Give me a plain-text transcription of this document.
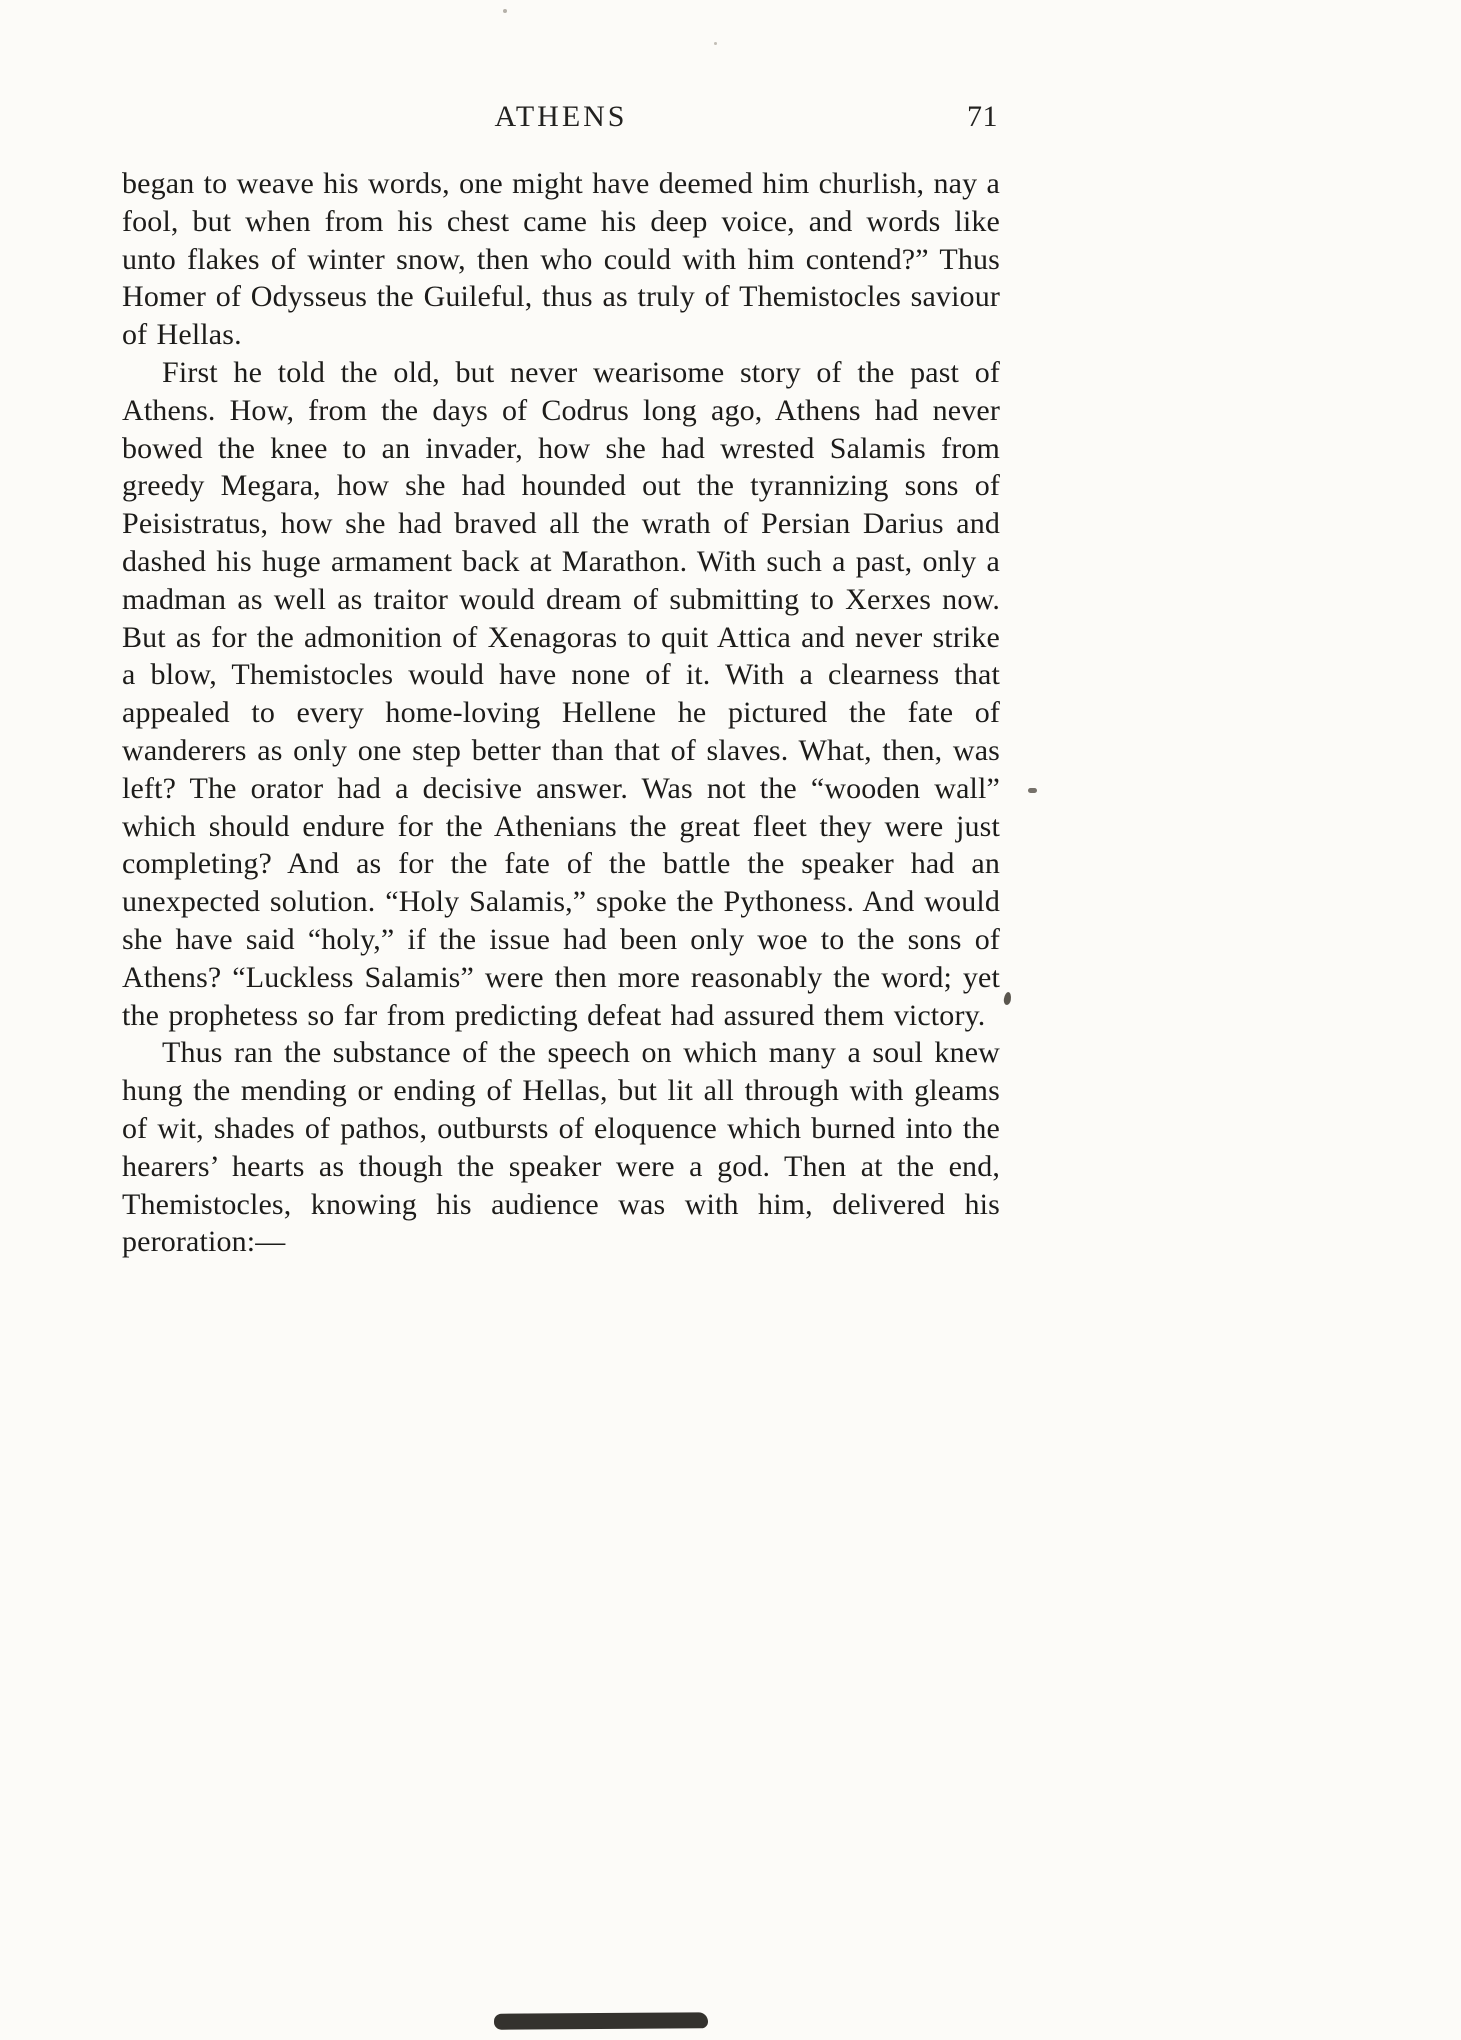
ATHENS	71

began to weave his words, one might have deemed him churlish, nay a fool, but when from his chest came his deep voice, and words like unto flakes of winter snow, then who could with him contend?” Thus Homer of Odysseus the Guileful, thus as truly of Themistocles saviour of Hellas.

First he told the old, but never wearisome story of the past of Athens. How, from the days of Codrus long ago, Athens had never bowed the knee to an invader, how she had wrested Salamis from greedy Megara, how she had hounded out the tyrannizing sons of Peisistratus, how she had braved all the wrath of Persian Darius and dashed his huge armament back at Marathon. With such a past, only a madman as well as traitor would dream of submitting to Xerxes now. But as for the admonition of Xenagoras to quit Attica and never strike a blow, Themistocles would have none of it. With a clearness that appealed to every home-loving Hellene he pictured the fate of wanderers as only one step better than that of slaves. What, then, was left? The orator had a decisive answer. Was not the “wooden wall” which should endure for the Athenians the great fleet they were just completing? And as for the fate of the battle the speaker had an unexpected solution. “Holy Salamis,” spoke the Pythoness. And would she have said “holy,” if the issue had been only woe to the sons of Athens? “Luckless Salamis” were then more reasonably the word; yet the prophetess so far from predicting defeat had assured them victory.

Thus ran the substance of the speech on which many a soul knew hung the mending or ending of Hellas, but lit all through with gleams of wit, shades of pathos, outbursts of eloquence which burned into the hearers’ hearts as though the speaker were a god. Then at the end, Themistocles, knowing his audience was with him, delivered his peroration:—
